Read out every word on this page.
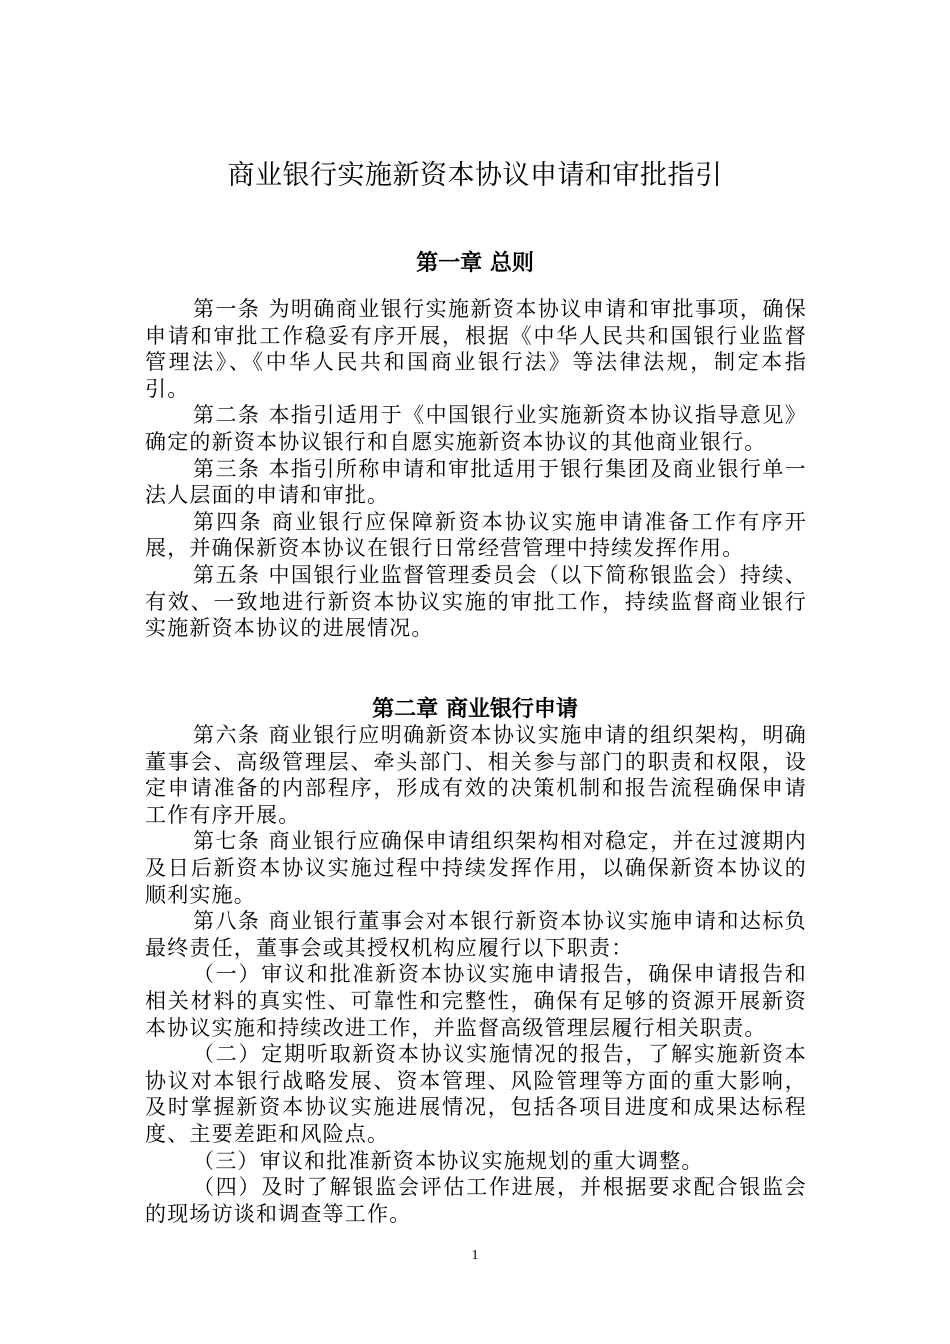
商业银行实施新资本协议申请和审批指引
第一章 总则

第一条 为明确商业银行实施新资本协议申请和审批事项，确保申请和审批工作稳妥有序开展，根据《中华人民共和国银行业监督管理法》、《中华人民共和国商业银行法》等法律法规，制定本指引。

第二条 本指引适用于《中国银行业实施新资本协议指导意见》确定的新资本协议银行和自愿实施新资本协议的其他商业银行。

第三条 本指引所称申请和审批适用于银行集团及商业银行单一法人层面的申请和审批。

第四条 商业银行应保障新资本协议实施申请准备工作有序开展，并确保新资本协议在银行日常经营管理中持续发挥作用。

第五条 中国银行业监督管理委员会（以下简称银监会）持续、有效、一致地进行新资本协议实施的审批工作，持续监督商业银行实施新资本协议的进展情况。

第二章 商业银行申请

第六条 商业银行应明确新资本协议实施申请的组织架构，明确董事会、高级管理层、牵头部门、相关参与部门的职责和权限，设定申请准备的内部程序，形成有效的决策机制和报告流程确保申请工作有序开展。

第七条 商业银行应确保申请组织架构相对稳定，并在过渡期内及日后新资本协议实施过程中持续发挥作用，以确保新资本协议的顺利实施。

第八条 商业银行董事会对本银行新资本协议实施申请和达标负最终责任，董事会或其授权机构应履行以下职责：

（一）审议和批准新资本协议实施申请报告，确保申请报告和相关材料的真实性、可靠性和完整性，确保有足够的资源开展新资本协议实施和持续改进工作，并监督高级管理层履行相关职责。

（二）定期听取新资本协议实施情况的报告，了解实施新资本协议对本银行战略发展、资本管理、风险管理等方面的重大影响，及时掌握新资本协议实施进展情况，包括各项目进度和成果达标程度、主要差距和风险点。

（三）审议和批准新资本协议实施规划的重大调整。

（四）及时了解银监会评估工作进展，并根据要求配合银监会的现场访谈和调查等工作。

1
